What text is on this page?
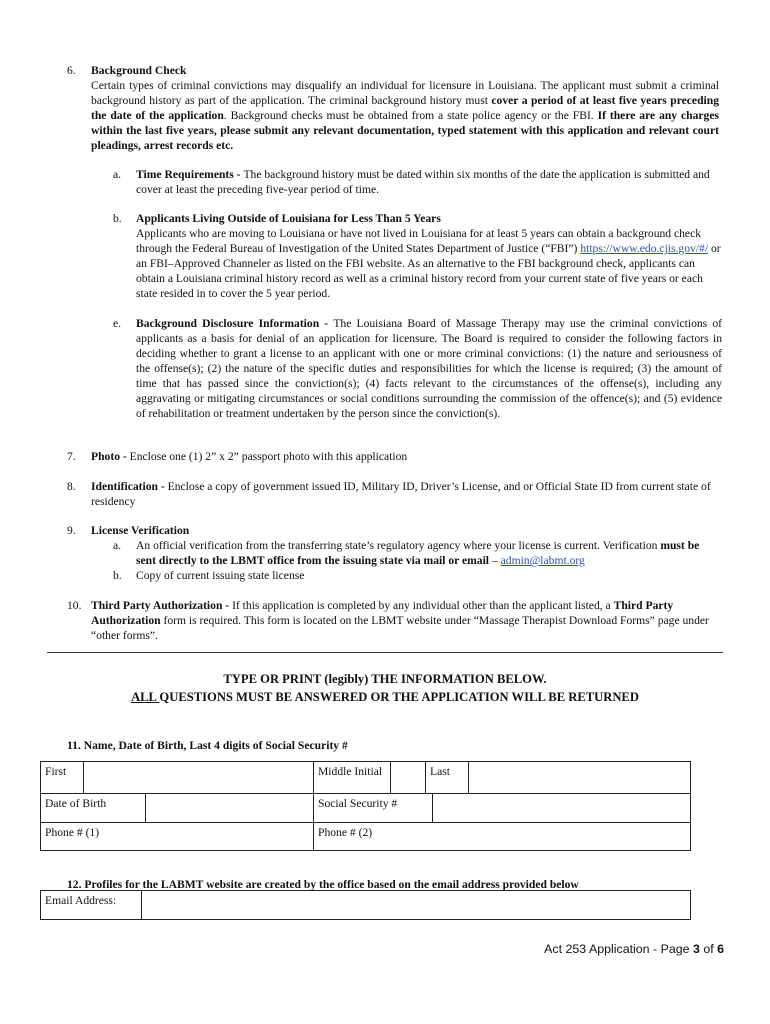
6. Background Check
Certain types of criminal convictions may disqualify an individual for licensure in Louisiana. The applicant must submit a criminal background history as part of the application. The criminal background history must cover a period of at least five years preceding the date of the application. Background checks must be obtained from a state police agency or the FBI. If there are any charges within the last five years, please submit any relevant documentation, typed statement with this application and relevant court pleadings, arrest records etc.
a. Time Requirements - The background history must be dated within six months of the date the application is submitted and cover at least the preceding five-year period of time.
b. Applicants Living Outside of Louisiana for Less Than 5 Years
Applicants who are moving to Louisiana or have not lived in Louisiana for at least 5 years can obtain a background check through the Federal Bureau of Investigation of the United States Department of Justice (“FBI”) https://www.edo.cjis.gov/#/ or an FBI–Approved Channeler as listed on the FBI website. As an alternative to the FBI background check, applicants can obtain a Louisiana criminal history record as well as a criminal history record from your current state of five years or each state resided in to cover the 5 year period.
e. Background Disclosure Information - The Louisiana Board of Massage Therapy may use the criminal convictions of applicants as a basis for denial of an application for licensure. The Board is required to consider the following factors in deciding whether to grant a license to an applicant with one or more criminal convictions: (1) the nature and seriousness of the offense(s); (2) the nature of the specific duties and responsibilities for which the license is required; (3) the amount of time that has passed since the conviction(s); (4) facts relevant to the circumstances of the offense(s), including any aggravating or mitigating circumstances or social conditions surrounding the commission of the offence(s); and (5) evidence of rehabilitation or treatment undertaken by the person since the conviction(s).
7. Photo - Enclose one (1) 2” x 2” passport photo with this application
8. Identification - Enclose a copy of government issued ID, Military ID, Driver’s License, and or Official State ID from current state of residency
9. License Verification
a. An official verification from the transferring state’s regulatory agency where your license is current. Verification must be sent directly to the LBMT office from the issuing state via mail or email – admin@labmt.org
b. Copy of current issuing state license
10. Third Party Authorization - If this application is completed by any individual other than the applicant listed, a Third Party Authorization form is required. This form is located on the LBMT website under “Massage Therapist Download Forms” page under “other forms”.
TYPE OR PRINT (legibly) THE INFORMATION BELOW.
ALL QUESTIONS MUST BE ANSWERED OR THE APPLICATION WILL BE RETURNED
11. Name, Date of Birth, Last 4 digits of Social Security #
First		Middle Initial		Last	

Date of Birth		Social Security #			

Phone # (1)		Phone # (2)			
12. Profiles for the LABMT website are created by the office based on the email address provided below
Email Address:	
Act 253 Application - Page 3 of 6
